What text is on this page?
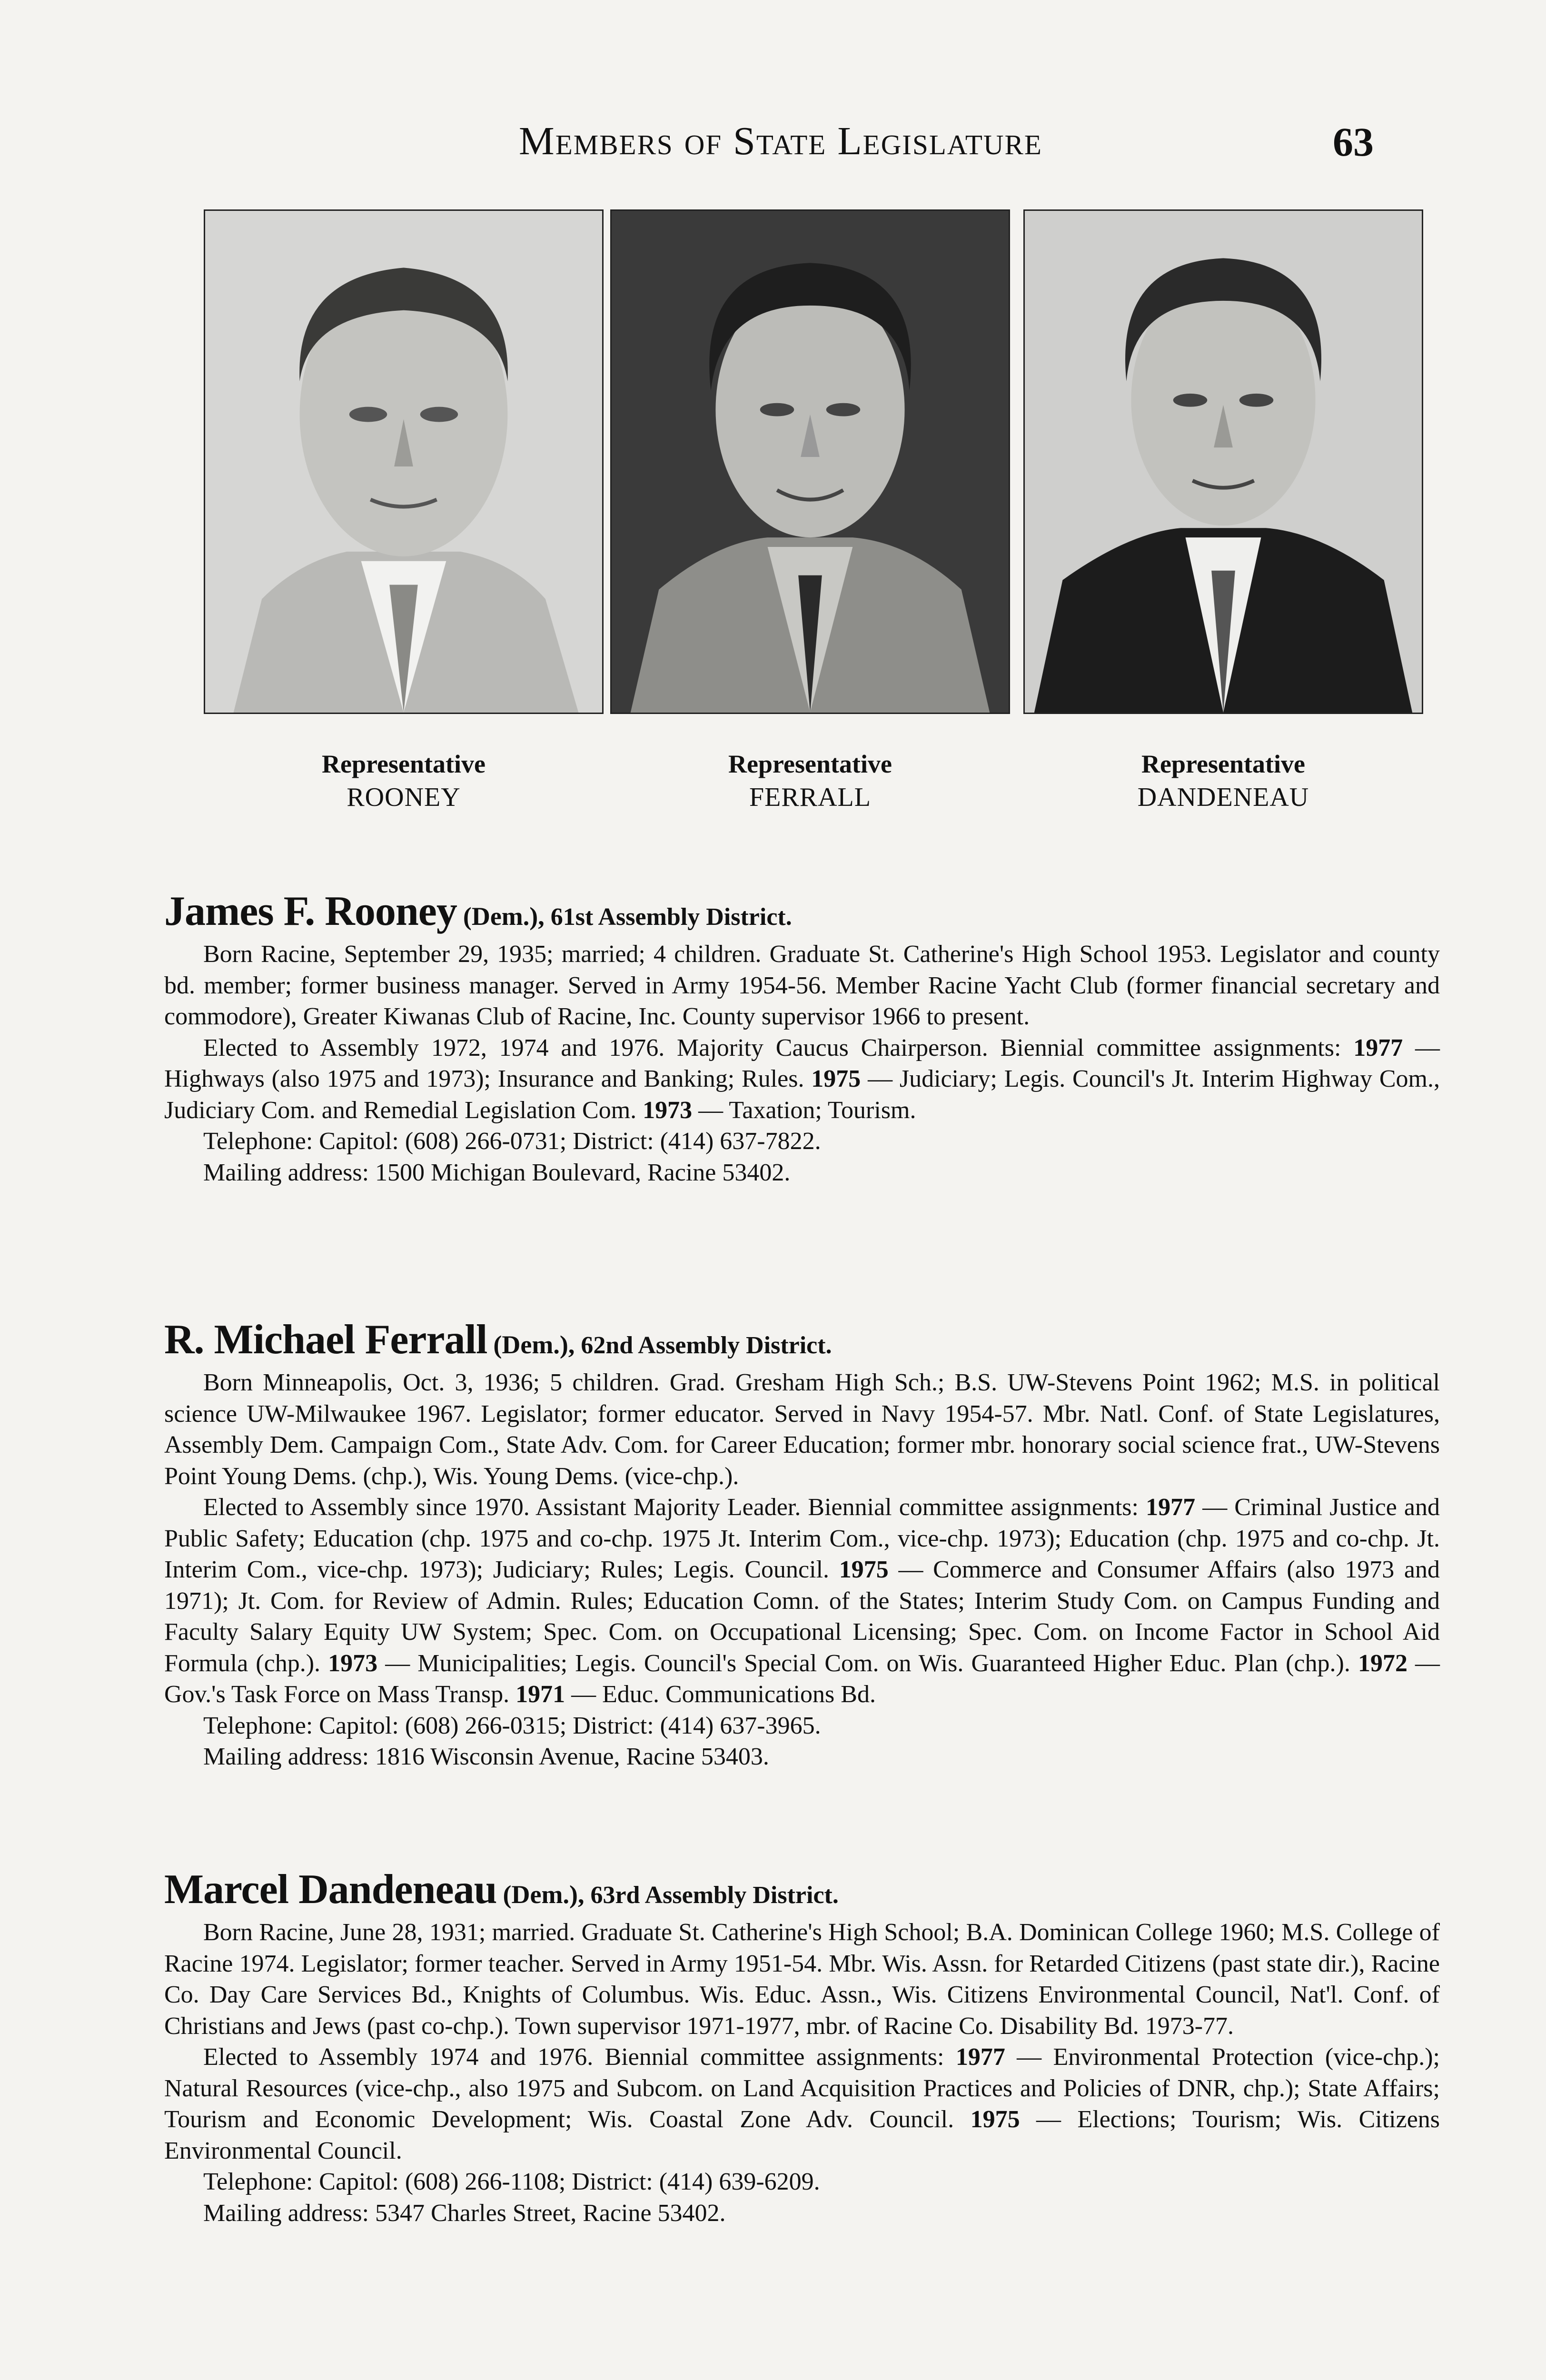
Members of State Legislature	63
Representative
ROONEY
Representative
FERRALL
Representative
DANDENEAU
James F. Rooney (Dem.), 61st Assembly District.

Born Racine, September 29, 1935; married; 4 children. Graduate St. Catherine's High School 1953. Legislator and county bd. member; former business manager. Served in Army 1954-56. Member Racine Yacht Club (former financial secretary and commodore), Greater Kiwanas Club of Racine, Inc. County supervisor 1966 to present.

Elected to Assembly 1972, 1974 and 1976. Majority Caucus Chairperson. Biennial committee assignments: 1977 — Highways (also 1975 and 1973); Insurance and Banking; Rules. 1975 — Judiciary; Legis. Council's Jt. Interim Highway Com., Judiciary Com. and Remedial Legislation Com. 1973 — Taxation; Tourism.

Telephone: Capitol: (608) 266-0731; District: (414) 637-7822.

Mailing address: 1500 Michigan Boulevard, Racine 53402.

R. Michael Ferrall (Dem.), 62nd Assembly District.

Born Minneapolis, Oct. 3, 1936; 5 children. Grad. Gresham High Sch.; B.S. UW-Stevens Point 1962; M.S. in political science UW-Milwaukee 1967. Legislator; former educator. Served in Navy 1954-57. Mbr. Natl. Conf. of State Legislatures, Assembly Dem. Campaign Com., State Adv. Com. for Career Education; former mbr. honorary social science frat., UW-Stevens Point Young Dems. (chp.), Wis. Young Dems. (vice-chp.).

Elected to Assembly since 1970. Assistant Majority Leader. Biennial committee assignments: 1977 — Criminal Justice and Public Safety; Education (chp. 1975 and co-chp. 1975 Jt. Interim Com., vice-chp. 1973); Education (chp. 1975 and co-chp. Jt. Interim Com., vice-chp. 1973); Judiciary; Rules; Legis. Council. 1975 — Commerce and Consumer Affairs (also 1973 and 1971); Jt. Com. for Review of Admin. Rules; Education Comn. of the States; Interim Study Com. on Campus Funding and Faculty Salary Equity UW System; Spec. Com. on Occupational Licensing; Spec. Com. on Income Factor in School Aid Formula (chp.). 1973 — Municipalities; Legis. Council's Special Com. on Wis. Guaranteed Higher Educ. Plan (chp.). 1972 — Gov.'s Task Force on Mass Transp. 1971 — Educ. Communications Bd.

Telephone: Capitol: (608) 266-0315; District: (414) 637-3965.

Mailing address: 1816 Wisconsin Avenue, Racine 53403.

Marcel Dandeneau (Dem.), 63rd Assembly District.

Born Racine, June 28, 1931; married. Graduate St. Catherine's High School; B.A. Dominican College 1960; M.S. College of Racine 1974. Legislator; former teacher. Served in Army 1951-54. Mbr. Wis. Assn. for Retarded Citizens (past state dir.), Racine Co. Day Care Services Bd., Knights of Columbus. Wis. Educ. Assn., Wis. Citizens Environmental Council, Nat'l. Conf. of Christians and Jews (past co-chp.). Town supervisor 1971-1977, mbr. of Racine Co. Disability Bd. 1973-77.

Elected to Assembly 1974 and 1976. Biennial committee assignments: 1977 — Environmental Protection (vice-chp.); Natural Resources (vice-chp., also 1975 and Subcom. on Land Acquisition Practices and Policies of DNR, chp.); State Affairs; Tourism and Economic Development; Wis. Coastal Zone Adv. Council. 1975 — Elections; Tourism; Wis. Citizens Environmental Council.

Telephone: Capitol: (608) 266-1108; District: (414) 639-6209.

Mailing address: 5347 Charles Street, Racine 53402.
